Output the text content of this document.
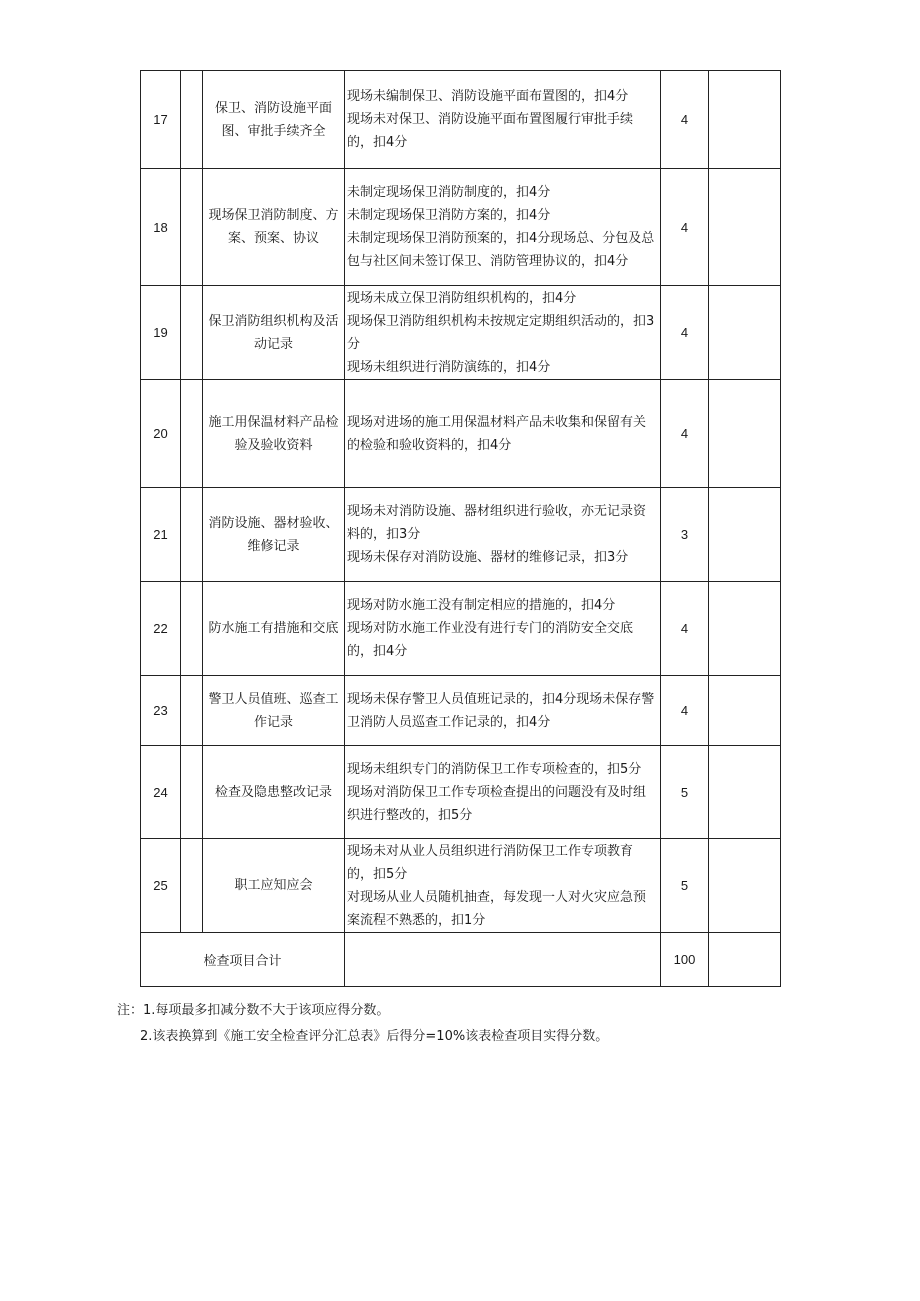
17		保卫、消防设施平面图、审批手续齐全	现场未编制保卫、消防设施平面布置图的，扣4分
现场未对保卫、消防设施平面布置图履行审批手续的，扣4分	4	
18		现场保卫消防制度、方案、预案、协议	未制定现场保卫消防制度的，扣4分
未制定现场保卫消防方案的，扣4分
未制定现场保卫消防预案的，扣4分现场总、分包及总包与社区间未签订保卫、消防管理协议的，扣4分	4	
19		保卫消防组织机构及活动记录	现场未成立保卫消防组织机构的，扣4分
现场保卫消防组织机构未按规定定期组织活动的，扣3分
现场未组织进行消防演练的，扣4分	4	
20		施工用保温材料产品检验及验收资料	现场对进场的施工用保温材料产品未收集和保留有关的检验和验收资料的，扣4分	4	
21		消防设施、器材验收、维修记录	现场未对消防设施、器材组织进行验收，亦无记录资料的，扣3分
现场未保存对消防设施、器材的维修记录，扣3分	3	
22		防水施工有措施和交底	现场对防水施工没有制定相应的措施的，扣4分
现场对防水施工作业没有进行专门的消防安全交底的，扣4分	4	
23		警卫人员值班、巡查工作记录	现场未保存警卫人员值班记录的，扣4分现场未保存警卫消防人员巡查工作记录的，扣4分	4	
24		检查及隐患整改记录	现场未组织专门的消防保卫工作专项检查的，扣5分
现场对消防保卫工作专项检查提出的问题没有及时组织进行整改的，扣5分	5	
25		职工应知应会	现场未对从业人员组织进行消防保卫工作专项教育的，扣5分
对现场从业人员随机抽查，每发现一人对火灾应急预案流程不熟悉的，扣1分	5	
检查项目合计				100	
注：1.每项最多扣减分数不大于该项应得分数。
2.该表换算到《施工安全检查评分汇总表》后得分=10%该表检查项目实得分数。
